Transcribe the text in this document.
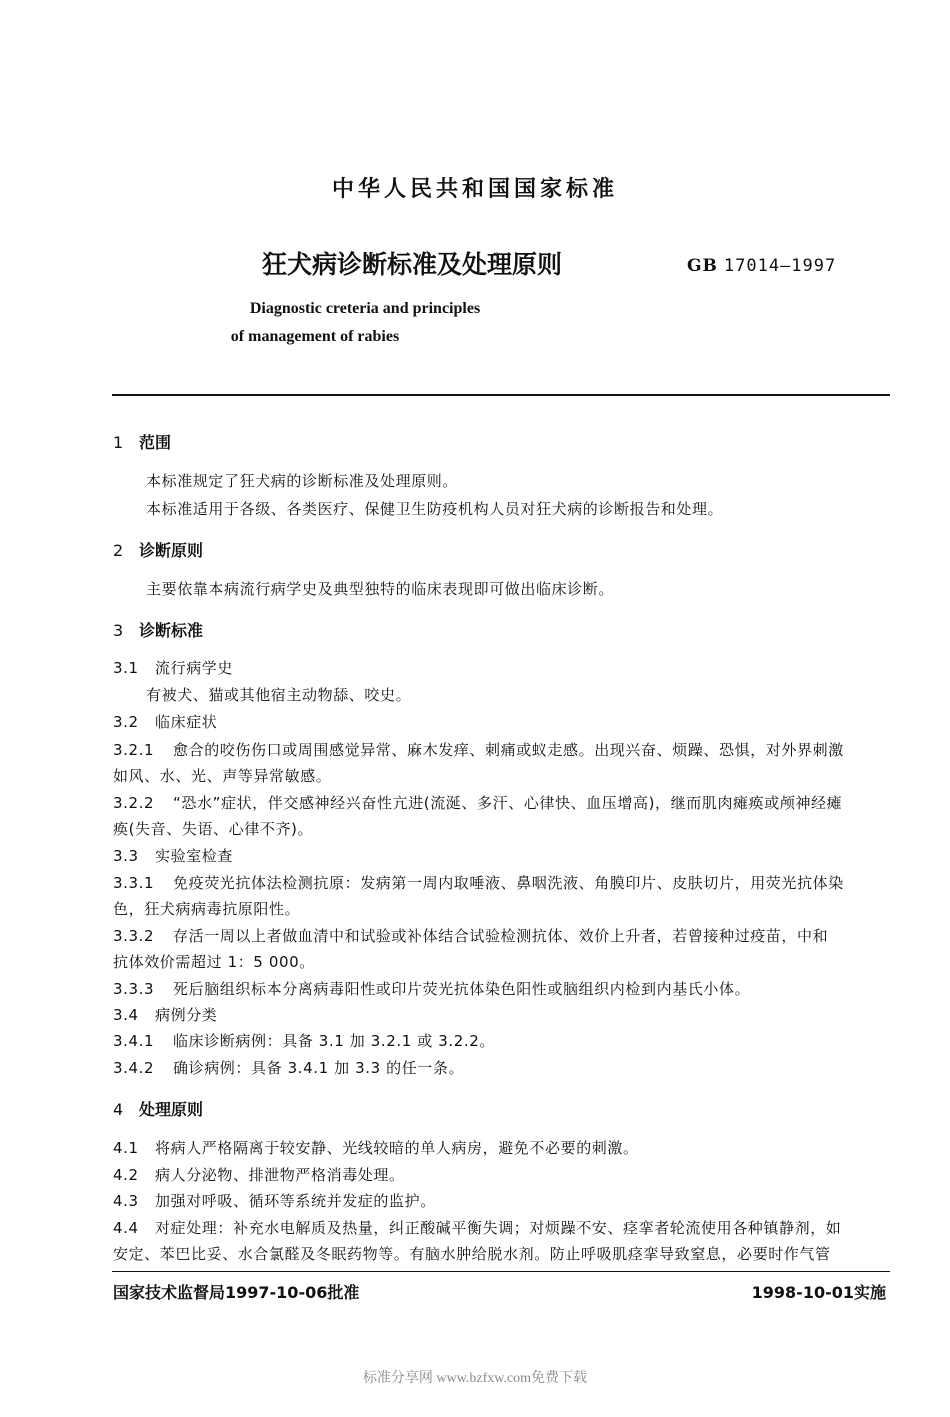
中华人民共和国国家标准
狂犬病诊断标准及处理原则	GB 17014—1997
Diagnostic creteria and principles
of management of rabies
1 范围
本标准规定了狂犬病的诊断标准及处理原则。
本标准适用于各级、各类医疗、保健卫生防疫机构人员对狂犬病的诊断报告和处理。
2 诊断原则
主要依靠本病流行病学史及典型独特的临床表现即可做出临床诊断。
3 诊断标准
3.1 流行病学史
有被犬、猫或其他宿主动物舔、咬史。
3.2 临床症状
3.2.1 愈合的咬伤伤口或周围感觉异常、麻木发痒、刺痛或蚁走感。出现兴奋、烦躁、恐惧，对外界刺激
如风、水、光、声等异常敏感。
3.2.2 “恐水”症状，伴交感神经兴奋性亢进(流涎、多汗、心律快、血压增高)，继而肌肉瘫痪或颅神经瘫
痪(失音、失语、心律不齐)。
3.3 实验室检查
3.3.1 免疫荧光抗体法检测抗原：发病第一周内取唾液、鼻咽洗液、角膜印片、皮肤切片，用荧光抗体染
色，狂犬病病毒抗原阳性。
3.3.2 存活一周以上者做血清中和试验或补体结合试验检测抗体、效价上升者，若曾接种过疫苗，中和
抗体效价需超过 1：5 000。
3.3.3 死后脑组织标本分离病毒阳性或印片荧光抗体染色阳性或脑组织内检到内基氏小体。
3.4 病例分类
3.4.1 临床诊断病例：具备 3.1 加 3.2.1 或 3.2.2。
3.4.2 确诊病例：具备 3.4.1 加 3.3 的任一条。
4 处理原则
4.1 将病人严格隔离于较安静、光线较暗的单人病房，避免不必要的刺激。
4.2 病人分泌物、排泄物严格消毒处理。
4.3 加强对呼吸、循环等系统并发症的监护。
4.4 对症处理：补充水电解质及热量，纠正酸碱平衡失调；对烦躁不安、痉挛者轮流使用各种镇静剂，如
安定、苯巴比妥、水合氯醛及冬眠药物等。有脑水肿给脱水剂。防止呼吸肌痉挛导致窒息，必要时作气管
国家技术监督局1997-10-06批准	1998-10-01实施
标准分享网 www.bzfxw.com免费下载
